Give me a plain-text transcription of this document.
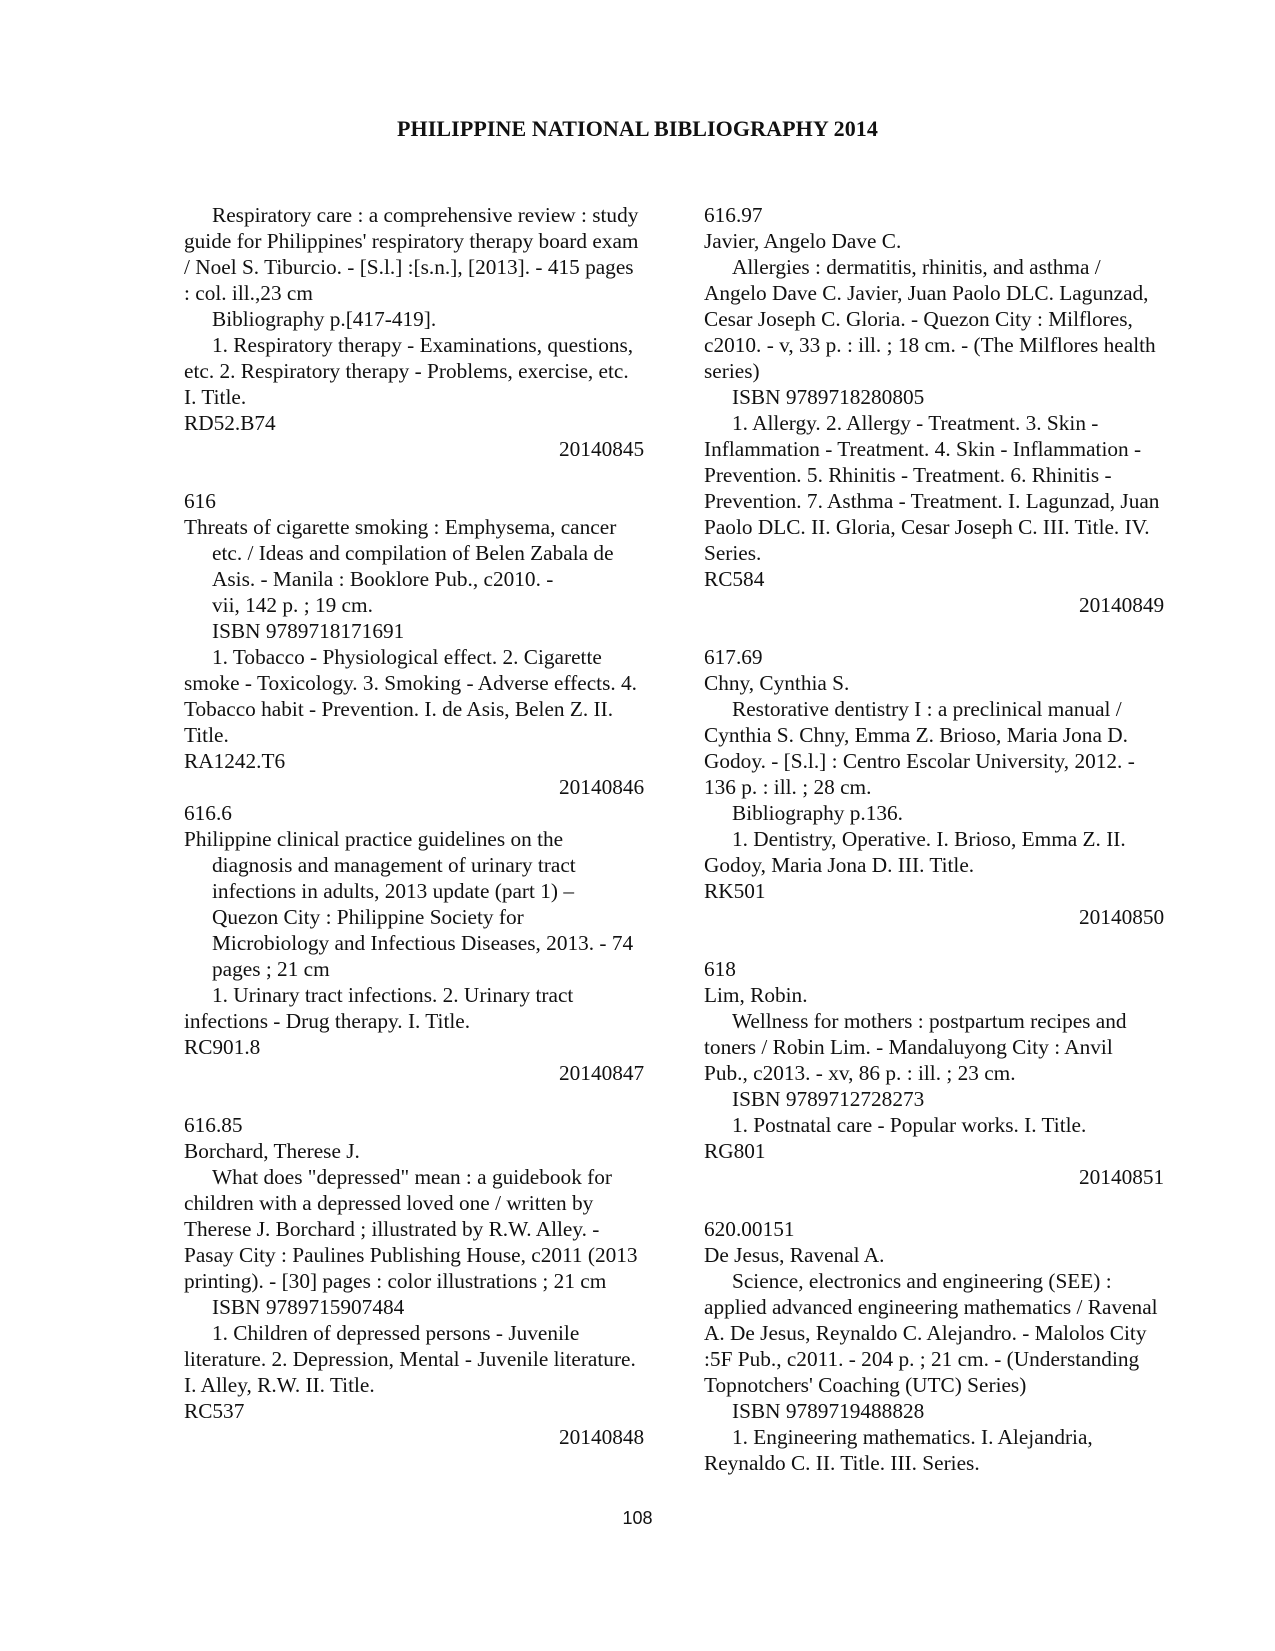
PHILIPPINE NATIONAL BIBLIOGRAPHY 2014
Respiratory care : a comprehensive review : study
guide for Philippines' respiratory therapy board exam
/ Noel S. Tiburcio. - [S.l.] :[s.n.], [2013]. - 415 pages
: col. ill.,23 cm
Bibliography p.[417-419].
1. Respiratory therapy - Examinations, questions,
etc. 2. Respiratory therapy - Problems, exercise, etc.
I. Title.
RD52.B74
20140845
616
Threats of cigarette smoking : Emphysema, cancer
etc. / Ideas and compilation of Belen Zabala de
Asis. - Manila : Booklore Pub., c2010. -
vii, 142 p. ; 19 cm.
ISBN 9789718171691
1. Tobacco - Physiological effect. 2. Cigarette
smoke - Toxicology. 3. Smoking - Adverse effects. 4.
Tobacco habit - Prevention. I. de Asis, Belen Z. II.
Title.
RA1242.T6
20140846
616.6
Philippine clinical practice guidelines on the
diagnosis and management of urinary tract
infections in adults, 2013 update (part 1) –
Quezon City : Philippine Society for
Microbiology and Infectious Diseases, 2013. - 74
pages ; 21 cm
1. Urinary tract infections. 2. Urinary tract
infections - Drug therapy. I. Title.
RC901.8
20140847
616.85
Borchard, Therese J.
What does "depressed" mean : a guidebook for
children with a depressed loved one / written by
Therese J. Borchard ; illustrated by R.W. Alley. -
Pasay City : Paulines Publishing House, c2011 (2013
printing). - [30] pages : color illustrations ; 21 cm
ISBN 9789715907484
1. Children of depressed persons - Juvenile
literature. 2. Depression, Mental - Juvenile literature.
I. Alley, R.W. II. Title.
RC537
20140848
616.97
Javier, Angelo Dave C.
Allergies : dermatitis, rhinitis, and asthma /
Angelo Dave C. Javier, Juan Paolo DLC. Lagunzad,
Cesar Joseph C. Gloria. - Quezon City : Milflores,
c2010. - v, 33 p. : ill. ; 18 cm. - (The Milflores health
series)
ISBN 9789718280805
1. Allergy. 2. Allergy - Treatment. 3. Skin -
Inflammation - Treatment. 4. Skin - Inflammation -
Prevention. 5. Rhinitis - Treatment. 6. Rhinitis -
Prevention. 7. Asthma - Treatment. I. Lagunzad, Juan
Paolo DLC. II. Gloria, Cesar Joseph C. III. Title. IV.
Series.
RC584
20140849
617.69
Chny, Cynthia S.
Restorative dentistry I : a preclinical manual /
Cynthia S. Chny, Emma Z. Brioso, Maria Jona D.
Godoy. - [S.l.] : Centro Escolar University, 2012. -
136 p. : ill. ; 28 cm.
Bibliography p.136.
1. Dentistry, Operative. I. Brioso, Emma Z. II.
Godoy, Maria Jona D. III. Title.
RK501
20140850
618
Lim, Robin.
Wellness for mothers : postpartum recipes and
toners / Robin Lim. - Mandaluyong City : Anvil
Pub., c2013. - xv, 86 p. : ill. ; 23 cm.
ISBN 9789712728273
1. Postnatal care - Popular works. I. Title.
RG801
20140851
620.00151
De Jesus, Ravenal A.
Science, electronics and engineering (SEE) :
applied advanced engineering mathematics / Ravenal
A. De Jesus, Reynaldo C. Alejandro. - Malolos City
:5F Pub., c2011. - 204 p. ; 21 cm. - (Understanding
Topnotchers' Coaching (UTC) Series)
ISBN 9789719488828
1. Engineering mathematics. I. Alejandria,
Reynaldo C. II. Title. III. Series.
108
